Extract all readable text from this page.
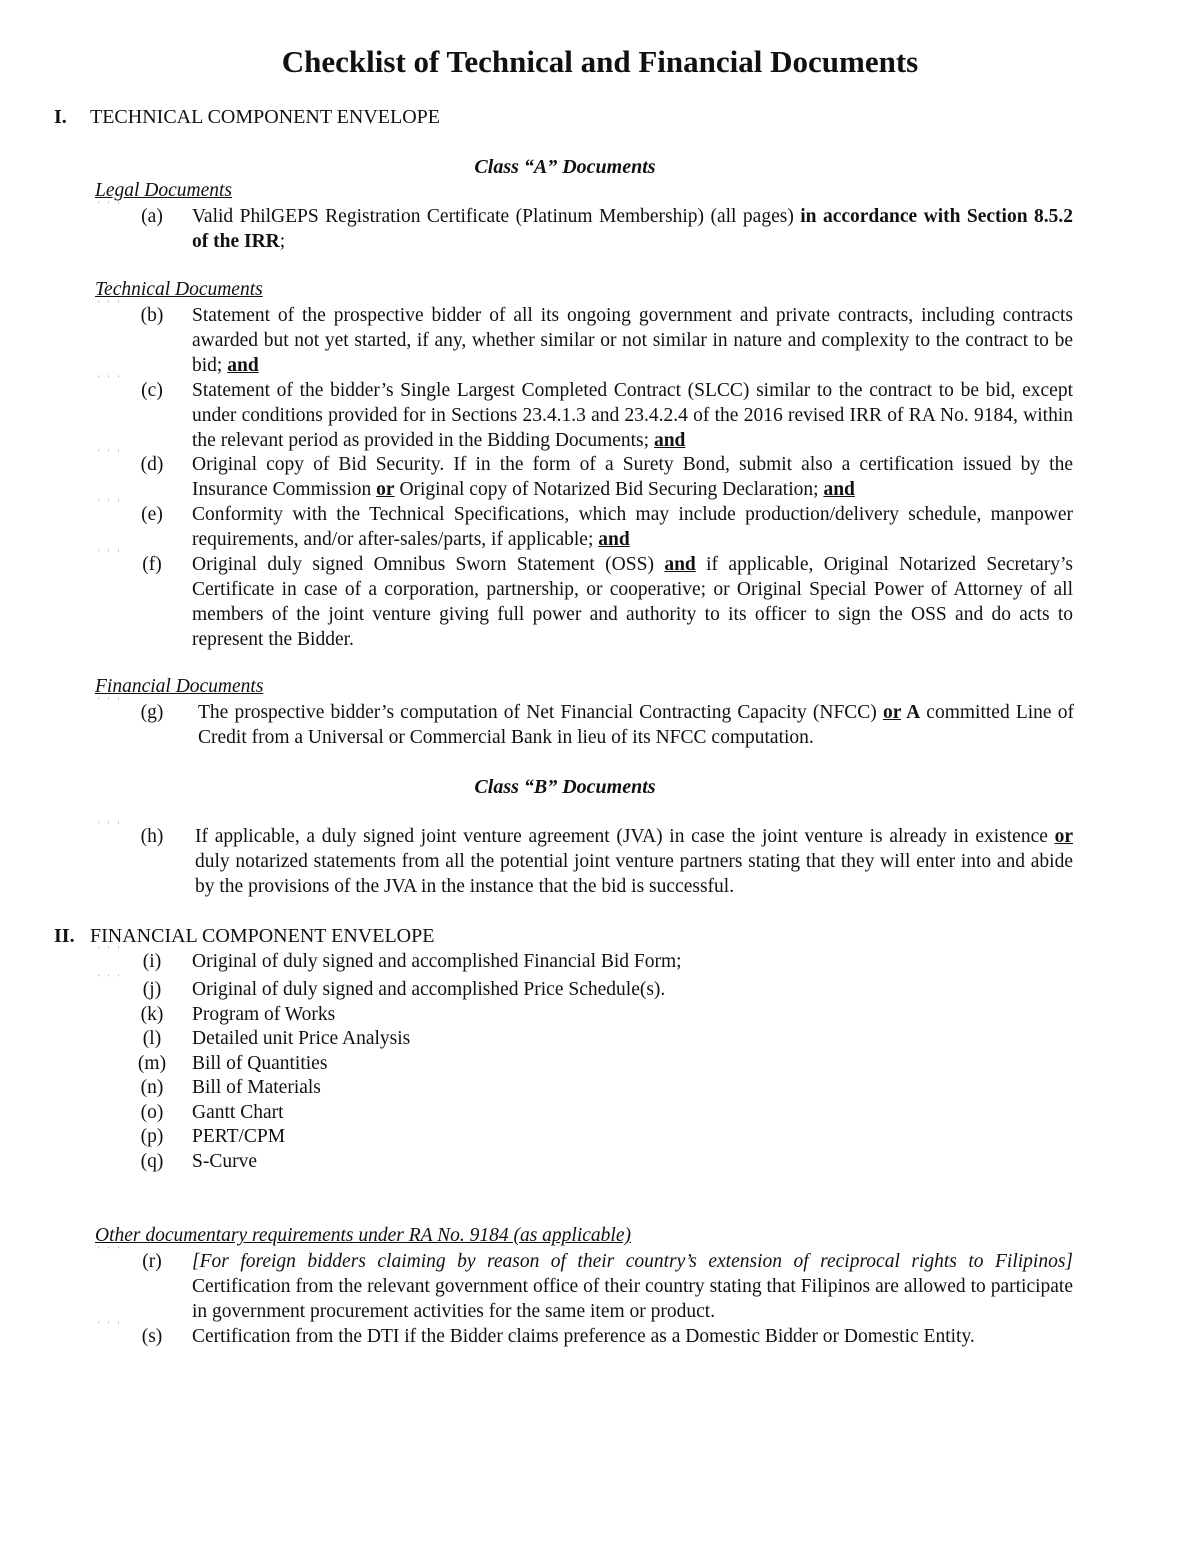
Checklist of Technical and Financial Documents
I. TECHNICAL COMPONENT ENVELOPE
Class “A” Documents
Legal Documents
' ' '
(a)	Valid PhilGEPS Registration Certificate (Platinum Membership) (all pages) in accordance with Section 8.5.2 of the IRR;
Technical Documents
' ' '
(b)	Statement of the prospective bidder of all its ongoing government and private contracts, including contracts awarded but not yet started, if any, whether similar or not similar in nature and complexity to the contract to be bid; and
' ' '
(c)	Statement of the bidder’s Single Largest Completed Contract (SLCC) similar to the contract to be bid, except under conditions provided for in Sections 23.4.1.3 and 23.4.2.4 of the 2016 revised IRR of RA No. 9184, within the relevant period as provided in the Bidding Documents; and
' ' '
(d)	Original copy of Bid Security. If in the form of a Surety Bond, submit also a certification issued by the Insurance Commission or Original copy of Notarized Bid Securing Declaration; and
' ' '
(e)	Conformity with the Technical Specifications, which may include production/delivery schedule, manpower requirements, and/or after-sales/parts, if applicable; and
' ' '
(f)	Original duly signed Omnibus Sworn Statement (OSS) and if applicable, Original Notarized Secretary’s Certificate in case of a corporation, partnership, or cooperative; or Original Special Power of Attorney of all members of the joint venture giving full power and authority to its officer to sign the OSS and do acts to represent the Bidder.
Financial Documents
' ' '
(g)	The prospective bidder’s computation of Net Financial Contracting Capacity (NFCC) or A committed Line of Credit from a Universal or Commercial Bank in lieu of its NFCC computation.
Class “B” Documents
' ' '
(h)	If applicable, a duly signed joint venture agreement (JVA) in case the joint venture is already in existence or duly notarized statements from all the potential joint venture partners stating that they will enter into and abide by the provisions of the JVA in the instance that the bid is successful.
II. FINANCIAL COMPONENT ENVELOPE
' ' '
(i)	Original of duly signed and accomplished Financial Bid Form;
' ' '
(j)	Original of duly signed and accomplished Price Schedule(s).
(k)	Program of Works
(l)	Detailed unit Price Analysis
(m)	Bill of Quantities
(n)	Bill of Materials
(o)	Gantt Chart
(p)	PERT/CPM
(q)	S-Curve
Other documentary requirements under RA No. 9184 (as applicable)
' ' '
(r)	[For foreign bidders claiming by reason of their country’s extension of reciprocal rights to Filipinos] Certification from the relevant government office of their country stating that Filipinos are allowed to participate in government procurement activities for the same item or product.
' ' '
(s)	Certification from the DTI if the Bidder claims preference as a Domestic Bidder or Domestic Entity.
